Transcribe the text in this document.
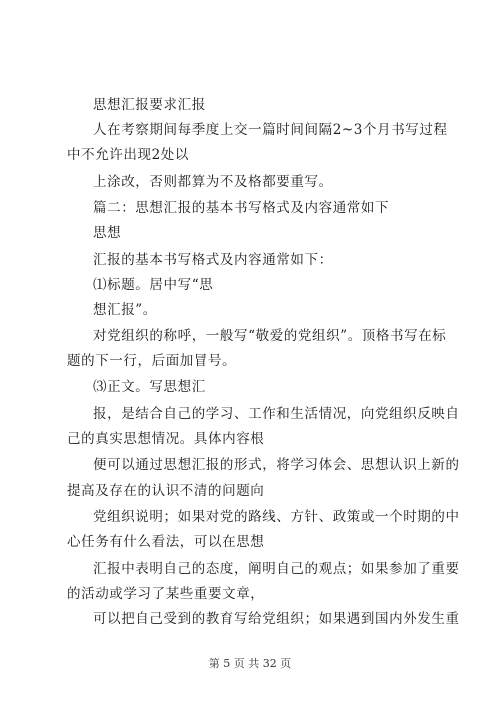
思想汇报要求汇报
人在考察期间每季度上交一篇时间间隔2~3个月书写过程
中不允许出现2处以
上涂改，否则都算为不及格都要重写。
篇二：思想汇报的基本书写格式及内容通常如下
思想
汇报的基本书写格式及内容通常如下：
⑴标题。居中写“思
想汇报”。
对党组织的称呼，一般写“敬爱的党组织”。顶格书写在标
题的下一行，后面加冒号。
⑶正文。写思想汇
报，是结合自己的学习、工作和生活情况，向党组织反映自
己的真实思想情况。具体内容根
便可以通过思想汇报的形式，将学习体会、思想认识上新的
提高及存在的认识不清的问题向
党组织说明；如果对党的路线、方针、政策或一个时期的中
心任务有什么看法，可以在思想
汇报中表明自己的态度，阐明自己的观点；如果参加了重要
的活动或学习了某些重要文章，
可以把自己受到的教育写给党组织；如果遇到国内外发生重
第 5 页 共 32 页
